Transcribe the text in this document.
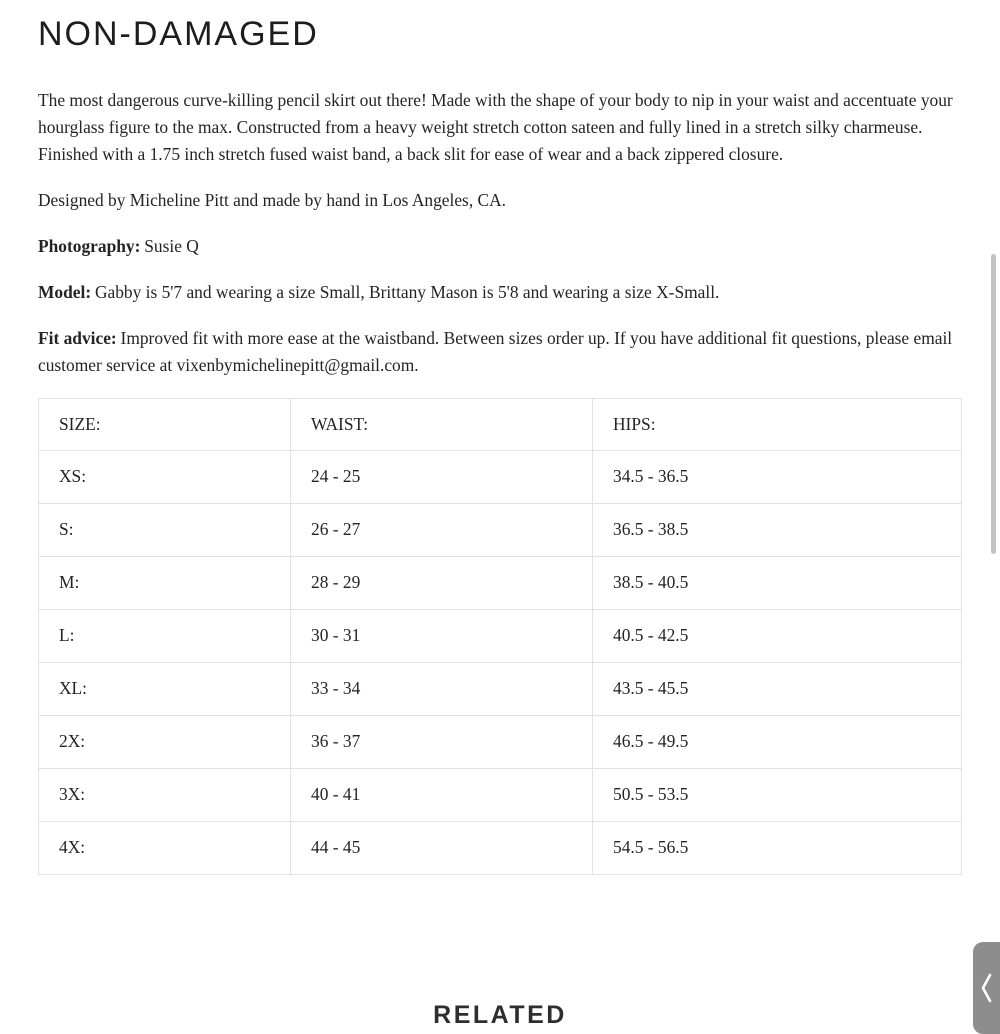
NON-DAMAGED

The most dangerous curve-killing pencil skirt out there! Made with the shape of your body to nip in your waist and accentuate your hourglass figure to the max. Constructed from a heavy weight stretch cotton sateen and fully lined in a stretch silky charmeuse. Finished with a 1.75 inch stretch fused waist band, a back slit for ease of wear and a back zippered closure.

Designed by Micheline Pitt and made by hand in Los Angeles, CA.

Photography: Susie Q

Model: Gabby is 5'7 and wearing a size Small, Brittany Mason is 5'8 and wearing a size X-Small.

Fit advice: Improved fit with more ease at the waistband. Between sizes order up. If you have additional fit questions, please email customer service at vixenbymichelinepitt@gmail.com.

SIZE:	WAIST:	HIPS:
XS:	24 - 25	34.5 - 36.5
S:	26 - 27	36.5 - 38.5
M:	28 - 29	38.5 - 40.5
L:	30 - 31	40.5 - 42.5
XL:	33 - 34	43.5 - 45.5
2X:	36 - 37	46.5 - 49.5
3X:	40 - 41	50.5 - 53.5
4X:	44 - 45	54.5 - 56.5
RELATED
